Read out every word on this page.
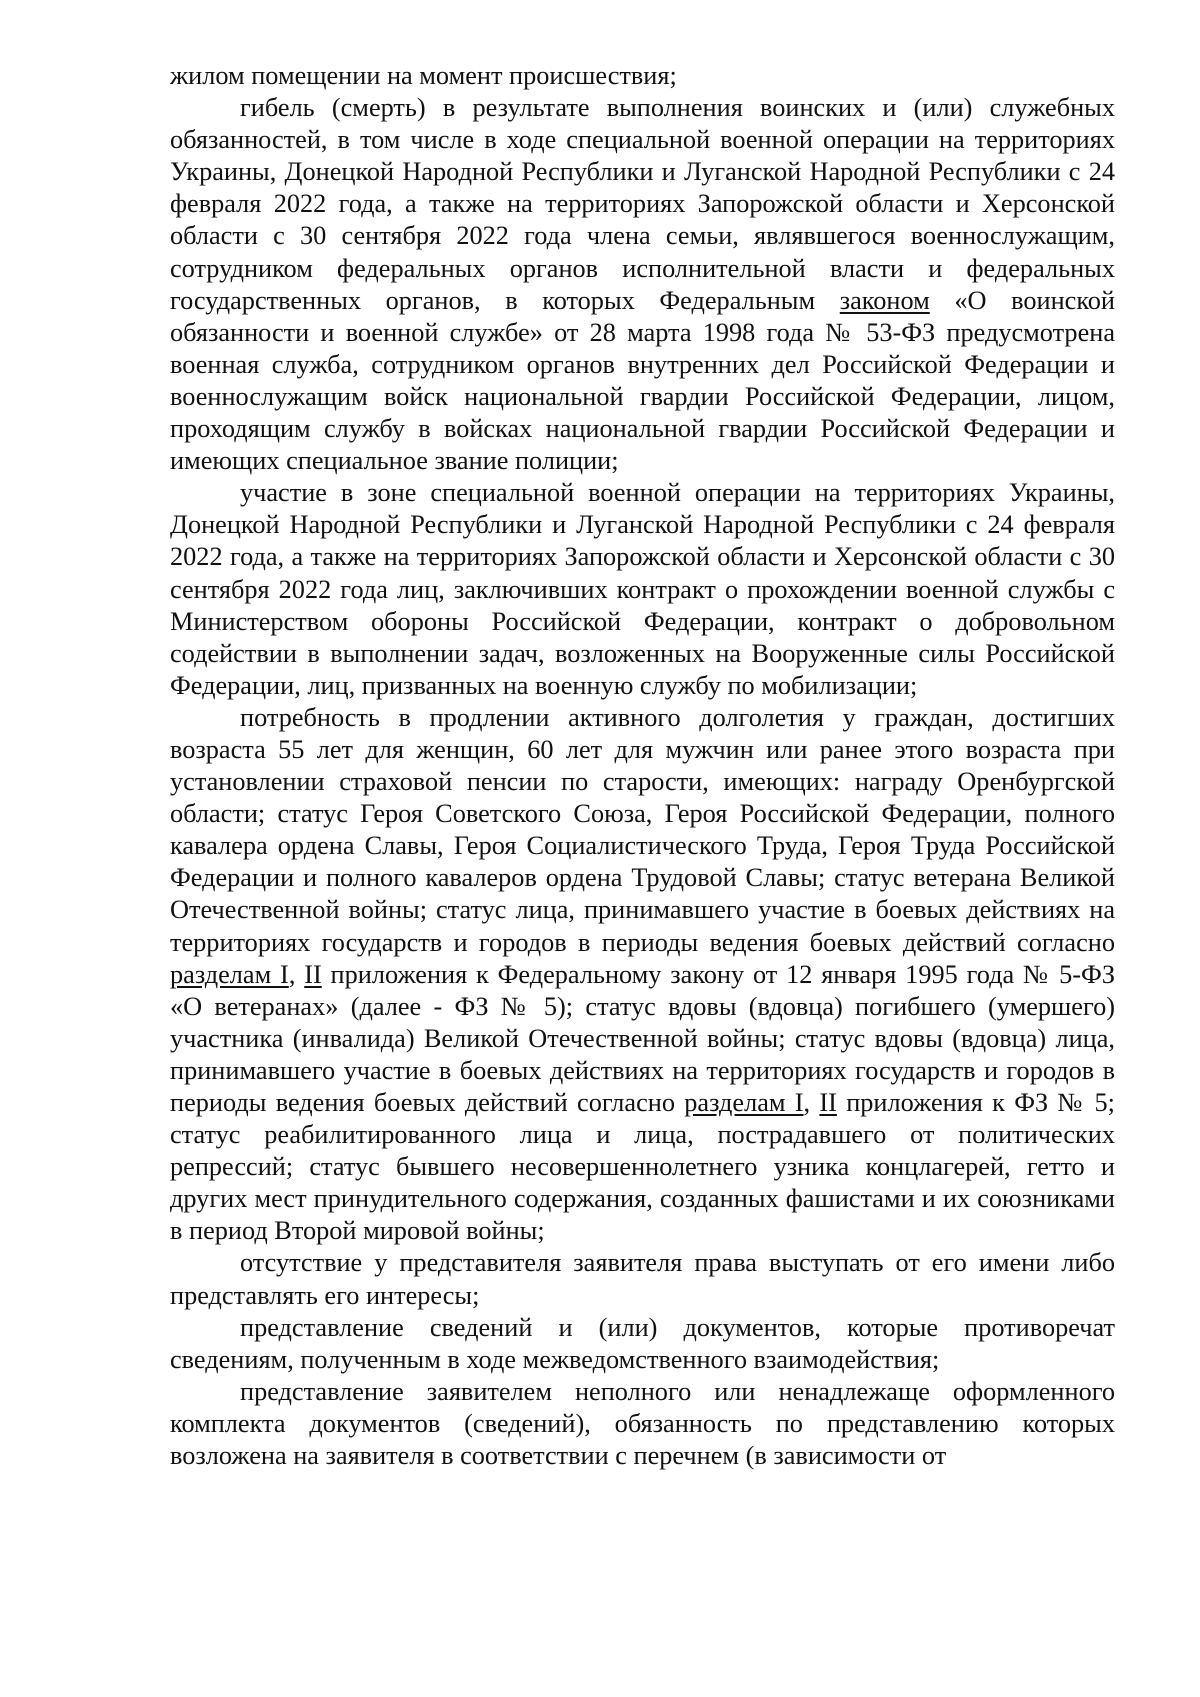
жилом помещении на момент происшествия;

гибель (смерть) в результате выполнения воинских и (или) служебных обязанностей, в том числе в ходе специальной военной операции на территориях Украины, Донецкой Народной Республики и Луганской Народной Республики с 24 февраля 2022 года, а также на территориях Запорожской области и Херсонской области с 30 сентября 2022 года члена семьи, являвшегося военнослужащим, сотрудником федеральных органов исполнительной власти и федеральных государственных органов, в которых Федеральным законом «О воинской обязанности и военной службе» от 28 марта 1998 года № 53-ФЗ предусмотрена военная служба, сотрудником органов внутренних дел Российской Федерации и военнослужащим войск национальной гвардии Российской Федерации, лицом, проходящим службу в войсках национальной гвардии Российской Федерации и имеющих специальное звание полиции;

участие в зоне специальной военной операции на территориях Украины, Донецкой Народной Республики и Луганской Народной Республики с 24 февраля 2022 года, а также на территориях Запорожской области и Херсонской области с 30 сентября 2022 года лиц, заключивших контракт о прохождении военной службы с Министерством обороны Российской Федерации, контракт о добровольном содействии в выполнении задач, возложенных на Вооруженные силы Российской Федерации, лиц, призванных на военную службу по мобилизации;

потребность в продлении активного долголетия у граждан, достигших возраста 55 лет для женщин, 60 лет для мужчин или ранее этого возраста при установлении страховой пенсии по старости, имеющих: награду Оренбургской области; статус Героя Советского Союза, Героя Российской Федерации, полного кавалера ордена Славы, Героя Социалистического Труда, Героя Труда Российской Федерации и полного кавалеров ордена Трудовой Славы; статус ветерана Великой Отечественной войны; статус лица, принимавшего участие в боевых действиях на территориях государств и городов в периоды ведения боевых действий согласно разделам I, II приложения к Федеральному закону от 12 января 1995 года № 5-ФЗ «О ветеранах» (далее - ФЗ № 5); статус вдовы (вдовца) погибшего (умершего) участника (инвалида) Великой Отечественной войны; статус вдовы (вдовца) лица, принимавшего участие в боевых действиях на территориях государств и городов в периоды ведения боевых действий согласно разделам I, II приложения к ФЗ № 5; статус реабилитированного лица и лица, пострадавшего от политических репрессий; статус бывшего несовершеннолетнего узника концлагерей, гетто и других мест принудительного содержания, созданных фашистами и их союзниками в период Второй мировой войны;

отсутствие у представителя заявителя права выступать от его имени либо представлять его интересы;

представление сведений и (или) документов, которые противоречат сведениям, полученным в ходе межведомственного взаимодействия;

представление заявителем неполного или ненадлежаще оформленного комплекта документов (сведений), обязанность по представлению которых возложена на заявителя в соответствии с перечнем (в зависимости от
